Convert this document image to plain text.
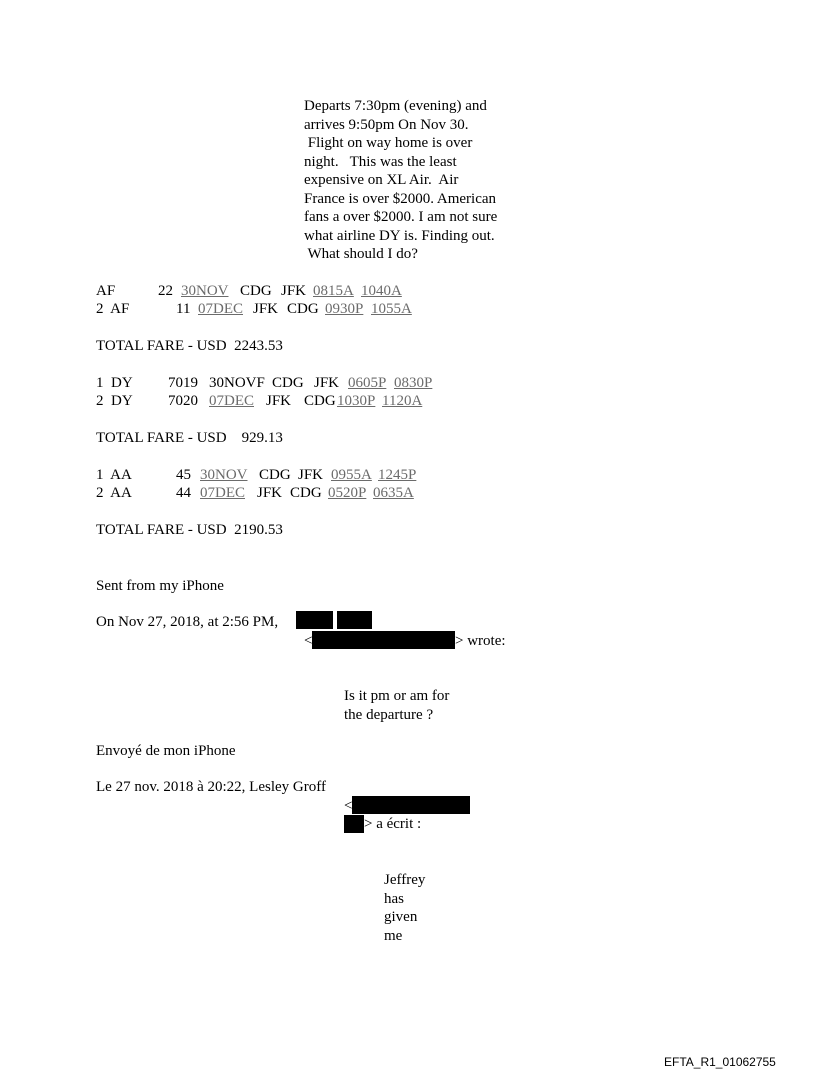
Departs 7:30pm (evening) and
arrives 9:50pm On Nov 30.
Flight on way home is over
night.   This was the least
expensive on XL Air.  Air
France is over $2000. American
fans a over $2000. I am not sure
what airline DY is. Finding out.
What should I do?
AF	22 30NOV CDG JFK 0815A 1040A
2  AF	11 07DEC JFK CDG 0930P 1055A
TOTAL FARE - USD  2243.53
1  DY 7019 30NOVF CDG JFK 0605P 0830P
2  DY 7020 07DEC JFK CDG 1030P 1120A
TOTAL FARE - USD    929.13
1  AA	45 30NOV CDG JFK 0955A 1245P
2  AA	44 07DEC JFK CDG 0520P 0635A
TOTAL FARE - USD  2190.53
Sent from my iPhone
On Nov 27, 2018, at 2:56 PM,
<	> wrote:
Is it pm or am for
the departure ?
Envoyé de mon iPhone
Le 27 nov. 2018 à 20:22, Lesley Groff
<
> a écrit :
Jeffrey
has
given
me
EFTA_R1_01062755
